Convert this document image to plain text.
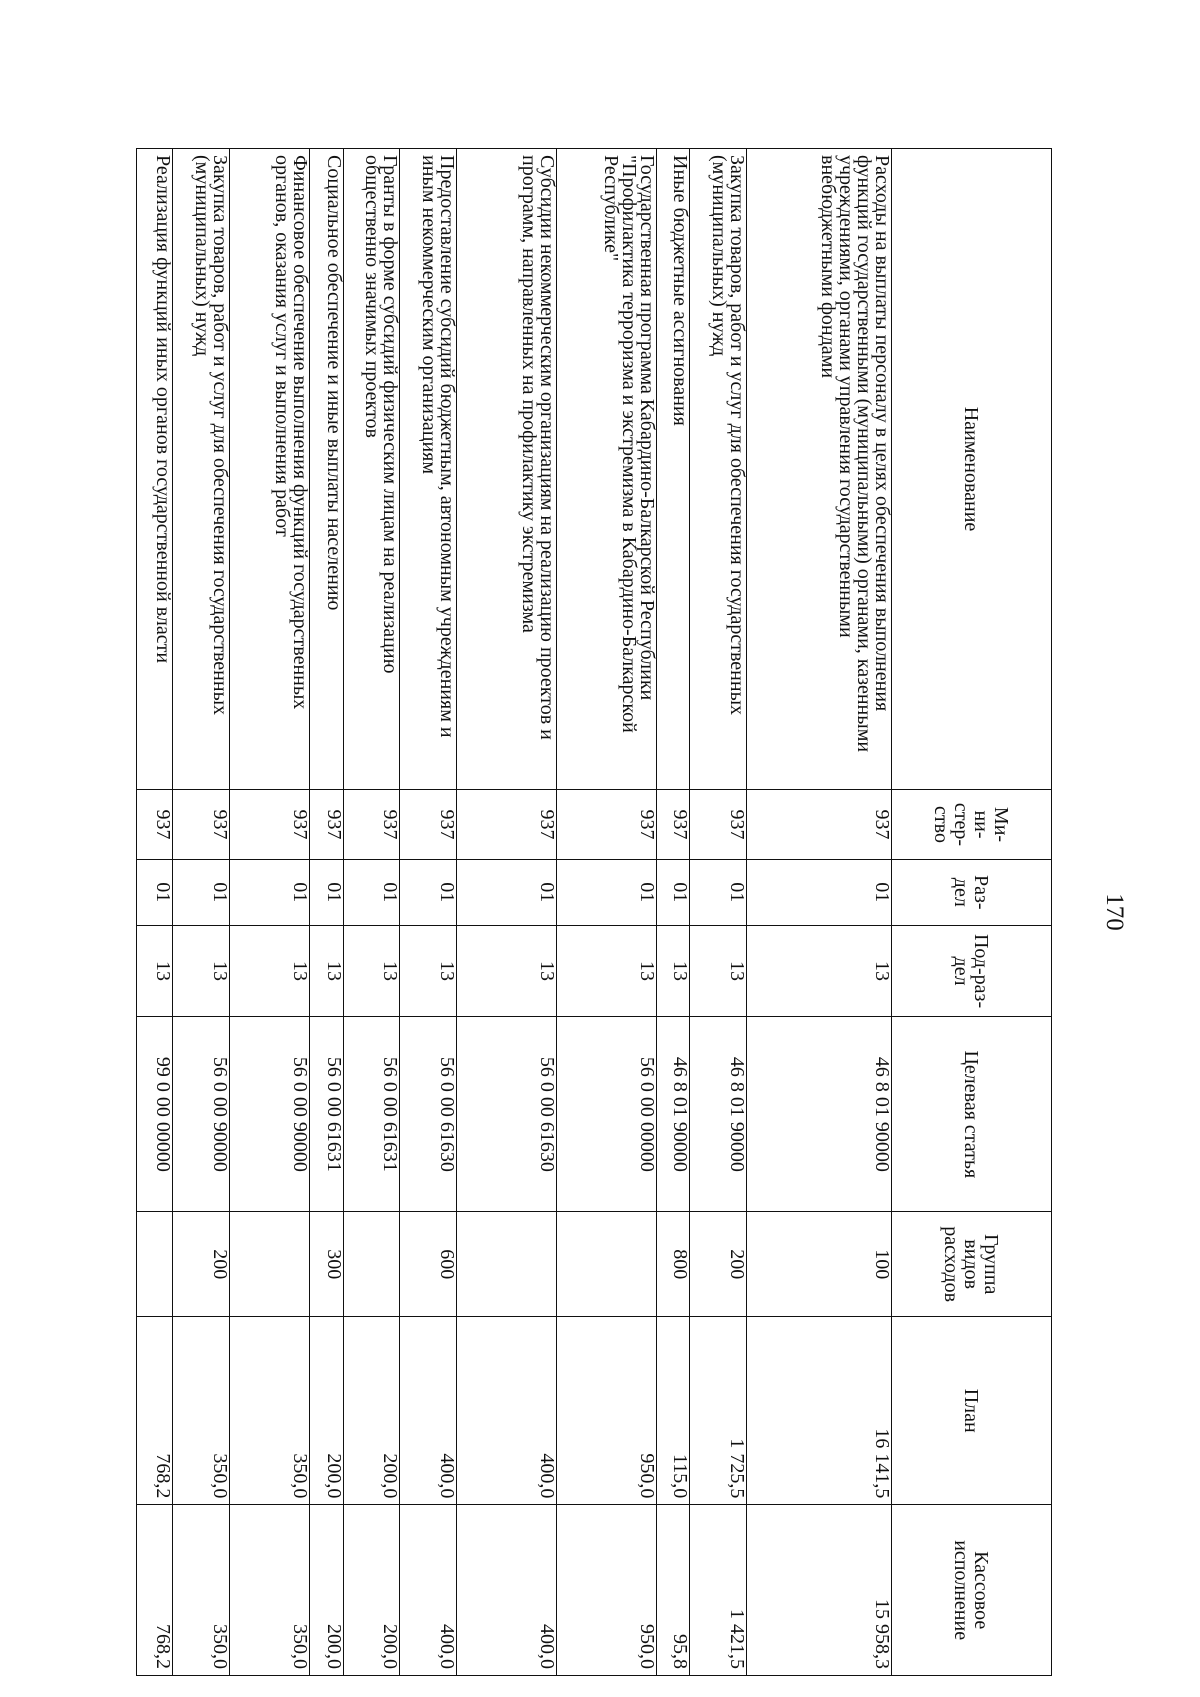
170
Наименование	Ми-ни-стер-ство	Раз-дел	Под-раз-дел	Целевая статья	Группа видов расходов	План	Кассовое исполнение
Расходы на выплаты персоналу в целях обеспечения выполнения функций государственными (муниципальными) органами, казенными учреждениями, органами управления государственными внебюджетными фондами	937	01	13	46 8 01 90000	100	16 141,5	15 958,3
Закупка товаров, работ и услуг для обеспечения государственных (муниципальных) нужд	937	01	13	46 8 01 90000	200	1 725,5	1 421,5
Иные бюджетные ассигнования	937	01	13	46 8 01 90000	800	115,0	95,8
Государственная программа Кабардино-Балкарской Республики "Профилактика терроризма и экстремизма в Кабардино-Балкарской Республике"	937	01	13	56 0 00 00000		950,0	950,0
Субсидии некоммерческим организациям на реализацию проектов и программ, направленных на профилактику экстремизма	937	01	13	56 0 00 61630		400,0	400,0
Предоставление субсидий бюджетным, автономным учреждениям и иным некоммерческим организациям	937	01	13	56 0 00 61630	600	400,0	400,0
Гранты в форме субсидий физическим лицам на реализацию общественно значимых проектов	937	01	13	56 0 00 61631		200,0	200,0
Социальное обеспечение и иные выплаты населению	937	01	13	56 0 00 61631	300	200,0	200,0
Финансовое обеспечение выполнения функций государственных органов, оказания услуг и выполнения работ	937	01	13	56 0 00 90000		350,0	350,0
Закупка товаров, работ и услуг для обеспечения государственных (муниципальных) нужд	937	01	13	56 0 00 90000	200	350,0	350,0
Реализация функций иных органов государственной власти	937	01	13	99 0 00 00000		768,2	768,2
